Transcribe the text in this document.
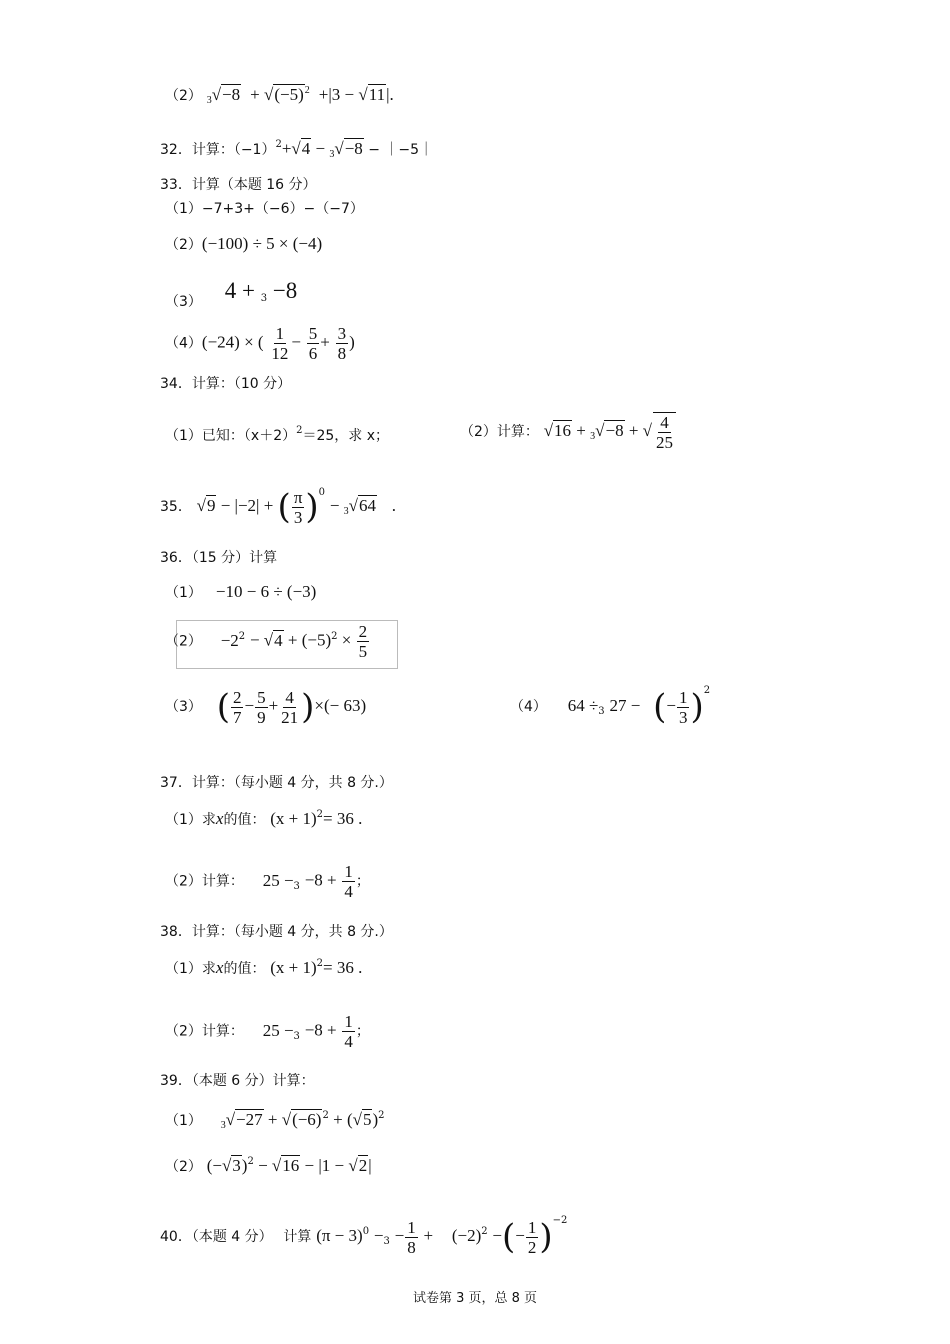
（2） $3√-8 + √(-5)^2 +|3 - √11|$.
32．计算：$(-1)^2+√4 - 3√-8$ − ｜−5｜
33．计算（本题 16 分）
（1）−7+3+（−6）−（−7）
（2）(−100) ÷ 5 × (−4)
（3） 4 + $_3$ −8
（4）(−24) × ( $\frac{1}{12} - \frac{5}{6} + \frac{3}{8}$ )
34．计算：（10 分）
（1）已知：$(x+2)^2=25$，求 x；	（2）计算： √16 + 3√−8 + √ $\frac{4}{25}$
35． √9 − |−2| + ( $\frac{\pi}{3} )^0 - 3√64$ .
36．（15 分）计算
（1） −10 − 6 ÷ (−3)
$(2) -2^2 - √4 + (-5)^2 \times \frac{2}{5}$
（3） ( $\frac{2}{7} - \frac{5}{9} + \frac{4}{21}$ )×(− 63)	（4） $64 \div_3$ 27 − (− $\frac{1}{3} )^2$
37．计算：（每小题 4 分，共 8 分.）
（1）求x的值： $(x + 1)^2= 36$ .
（2）计算： $25 -_3 -8 + \frac{1}{4}$ ；
38．计算：（每小题 4 分，共 8 分.）
（1）求x的值： $(x + 1)^2= 36$ .
（2）计算： $25 -_3 -8 + \frac{1}{4}$ ；
39．（本题 6 分）计算：
（1） $3√-27 + √(-6)^2 + (√5)^2$
（2） $(-√3)^2 - √16 - |1 - √2|$
40．（本题 4 分） 计算 $(\pi - 3)^0 -_3 - \frac{1}{8} + (-2)^2$ −(− $\frac{1}{2} )^{-2}$
试卷第 3 页，总 8 页
